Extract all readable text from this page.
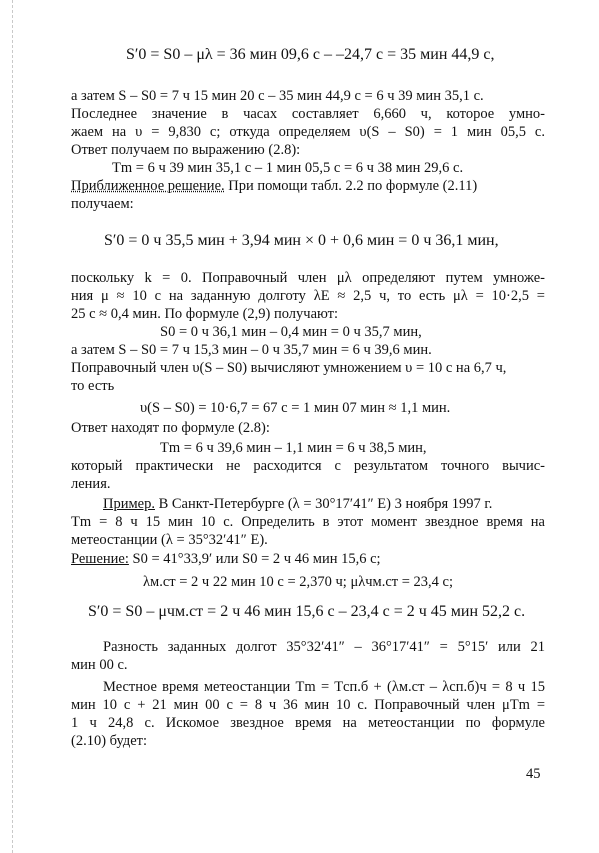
S′0 = S0 – μλ = 36 мин 09,6 с – –24,7 с = 35 мин 44,9 с,
а затем S – S0 = 7 ч 15 мин 20 с – 35 мин 44,9 с = 6 ч 39 мин 35,1 с.
Последнее значение в часах составляет 6,660 ч, которое умно-
жаем на υ = 9,830 с; откуда определяем υ(S – S0) = 1 мин 05,5 с.
Ответ получаем по выражению (2.8):
Tm = 6 ч 39 мин 35,1 с – 1 мин 05,5 с = 6 ч 38 мин 29,6 с.
Приближенное решение. При помощи табл. 2.2 по формуле (2.11)
получаем:
S′0 = 0 ч 35,5 мин + 3,94 мин × 0 + 0,6 мин = 0 ч 36,1 мин,
поскольку k = 0. Поправочный член μλ определяют путем умноже-
ния μ ≈ 10 с на заданную долготу λE ≈ 2,5 ч, то есть μλ = 10·2,5 =
25 с ≈ 0,4 мин. По формуле (2,9) получают:
S0 = 0 ч 36,1 мин – 0,4 мин = 0 ч 35,7 мин,
а затем S – S0 = 7 ч 15,3 мин – 0 ч 35,7 мин = 6 ч 39,6 мин.
Поправочный член υ(S – S0) вычисляют умножением υ = 10 с на 6,7 ч,
то есть
υ(S – S0) = 10·6,7 = 67 с = 1 мин 07 мин ≈ 1,1 мин.
Ответ находят по формуле (2.8):
Tm = 6 ч 39,6 мин – 1,1 мин = 6 ч 38,5 мин,
который практически не расходится с результатом точного вычис-
ления.
Пример. В Санкт-Петербурге (λ = 30°17′41″ E) 3 ноября 1997 г.
Tm = 8 ч 15 мин 10 с. Определить в этот момент звездное время на
метеостанции (λ = 35°32′41″ E).
Решение: S0 = 41°33,9′ или S0 = 2 ч 46 мин 15,6 с;
λм.ст = 2 ч 22 мин 10 с = 2,370 ч; μλчм.ст = 23,4 с;
S′0 = S0 – μчм.ст = 2 ч 46 мин 15,6 с – 23,4 с = 2 ч 45 мин 52,2 с.
Разность заданных долгот 35°32′41″ – 36°17′41″ = 5°15′ или 21
мин 00 с.
Местное время метеостанции Tm = Tсп.б + (λм.ст – λсп.б)ч = 8 ч 15
мин 10 с + 21 мин 00 с = 8 ч 36 мин 10 с. Поправочный член μTm =
1 ч 24,8 с. Искомое звездное время на метеостанции по формуле
(2.10) будет:
45
